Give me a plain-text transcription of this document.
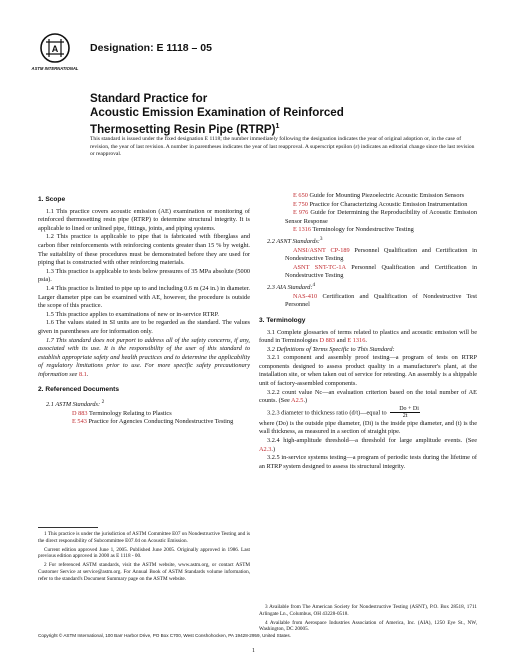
A
ASTM INTERNATIONAL
Designation: E 1118 – 05
Standard Practice for
Acoustic Emission Examination of Reinforced
Thermosetting Resin Pipe (RTRP)$^1$
This standard is issued under the fixed designation E 1118; the number immediately following the designation indicates the year of original adoption or, in the case of revision, the year of last revision. A number in parentheses indicates the year of last reapproval. A superscript epsilon (ε) indicates an editorial change since the last revision or reapproval.

1. Scope

1.1 This practice covers acoustic emission (AE) examination or monitoring of reinforced thermosetting resin pipe (RTRP) to determine structural integrity. It is applicable to lined or unlined pipe, fittings, joints, and piping systems.

1.2 This practice is applicable to pipe that is fabricated with fiberglass and carbon fiber reinforcements with reinforcing contents greater than 15 % by weight. The suitability of these procedures must be demonstrated before they are used for piping that is constructed with other reinforcing materials.

1.3 This practice is applicable to tests below pressures of 35 MPa absolute (5000 psia).

1.4 This practice is limited to pipe up to and including 0.6 m (24 in.) in diameter. Larger diameter pipe can be examined with AE, however, the procedure is outside the scope of this practice.

1.5 This practice applies to examinations of new or in-service RTRP.

1.6 The values stated in SI units are to be regarded as the standard. The values given in parentheses are for information only.

1.7 This standard does not purport to address all of the safety concerns, if any, associated with its use. It is the responsibility of the user of this standard to establish appropriate safety and health practices and to determine the applicability of regulatory limitations prior to use. For more specific safety precautionary information see 8.1.

2. Referenced Documents

2.1 ASTM Standards: $^2$

D 883 Terminology Relating to Plastics

E 543 Practice for Agencies Conducting Nondestructive Testing

E 650 Guide for Mounting Piezoelectric Acoustic Emission Sensors

E 750 Practice for Characterizing Acoustic Emission Instrumentation

E 976 Guide for Determining the Reproducibility of Acoustic Emission Sensor Response

E 1316 Terminology for Nondestructive Testing

2.2 ASNT Standards:$^3$

ANSI/ASNT CP-189 Personnel Qualification and Certification in Nondestructive Testing

ASNT SNT-TC-1A Personnel Qualification and Certification in Nondestructive Testing

2.3 AIA Standard:$^4$

NAS-410 Certification and Qualification of Nondestructive Test Personnel

3. Terminology

3.1 Complete glossaries of terms related to plastics and acoustic emission will be found in Terminologies D 883 and E 1316.

3.2 Definitions of Terms Specific to This Standard:

3.2.1 component and assembly proof testing—a program of tests on RTRP components designed to assess product quality in a manufacturer's plant, at the installation site, or when taken out of service for retesting. An assembly is a shippable unit of factory-assembled components.

3.2.2 count value Nc—an evaluation criterion based on the total number of AE counts. (See A2.5.)

3.2.3 diameter to thickness ratio (d/t)—equal to $\frac{Do + Di}{2t}$

where (Do) is the outside pipe diameter, (Di) is the inside pipe diameter, and (t) is the wall thickness, as measured in a section of straight pipe.

3.2.4 high-amplitude threshold—a threshold for large amplitude events. (See A2.3.)

3.2.5 in-service systems testing—a program of periodic tests during the lifetime of an RTRP system designed to assess its structural integrity.

1 This practice is under the jurisdiction of ASTM Committee E07 on Nondestructive Testing and is the direct responsibility of Subcommittee E07.04 on Acoustic Emission.

Current edition approved June 1, 2005. Published June 2005. Originally approved in 1986. Last previous edition approved in 2000 as E 1118 - 00.

2 For referenced ASTM standards, visit the ASTM website, www.astm.org, or contact ASTM Customer Service at service@astm.org. For Annual Book of ASTM Standards volume information, refer to the standard's Document Summary page on the ASTM website.

3 Available from The American Society for Nondestructive Testing (ASNT), P.O. Box 28518, 1711 Arlingate Ln., Columbus, OH 43228-0518.

4 Available from Aerospace Industries Association of America, Inc. (AIA), 1250 Eye St., NW, Washington, DC 20005.

Copyright © ASTM International, 100 Barr Harbor Drive, PO Box C700, West Conshohocken, PA 19428-2959, United States.
1
